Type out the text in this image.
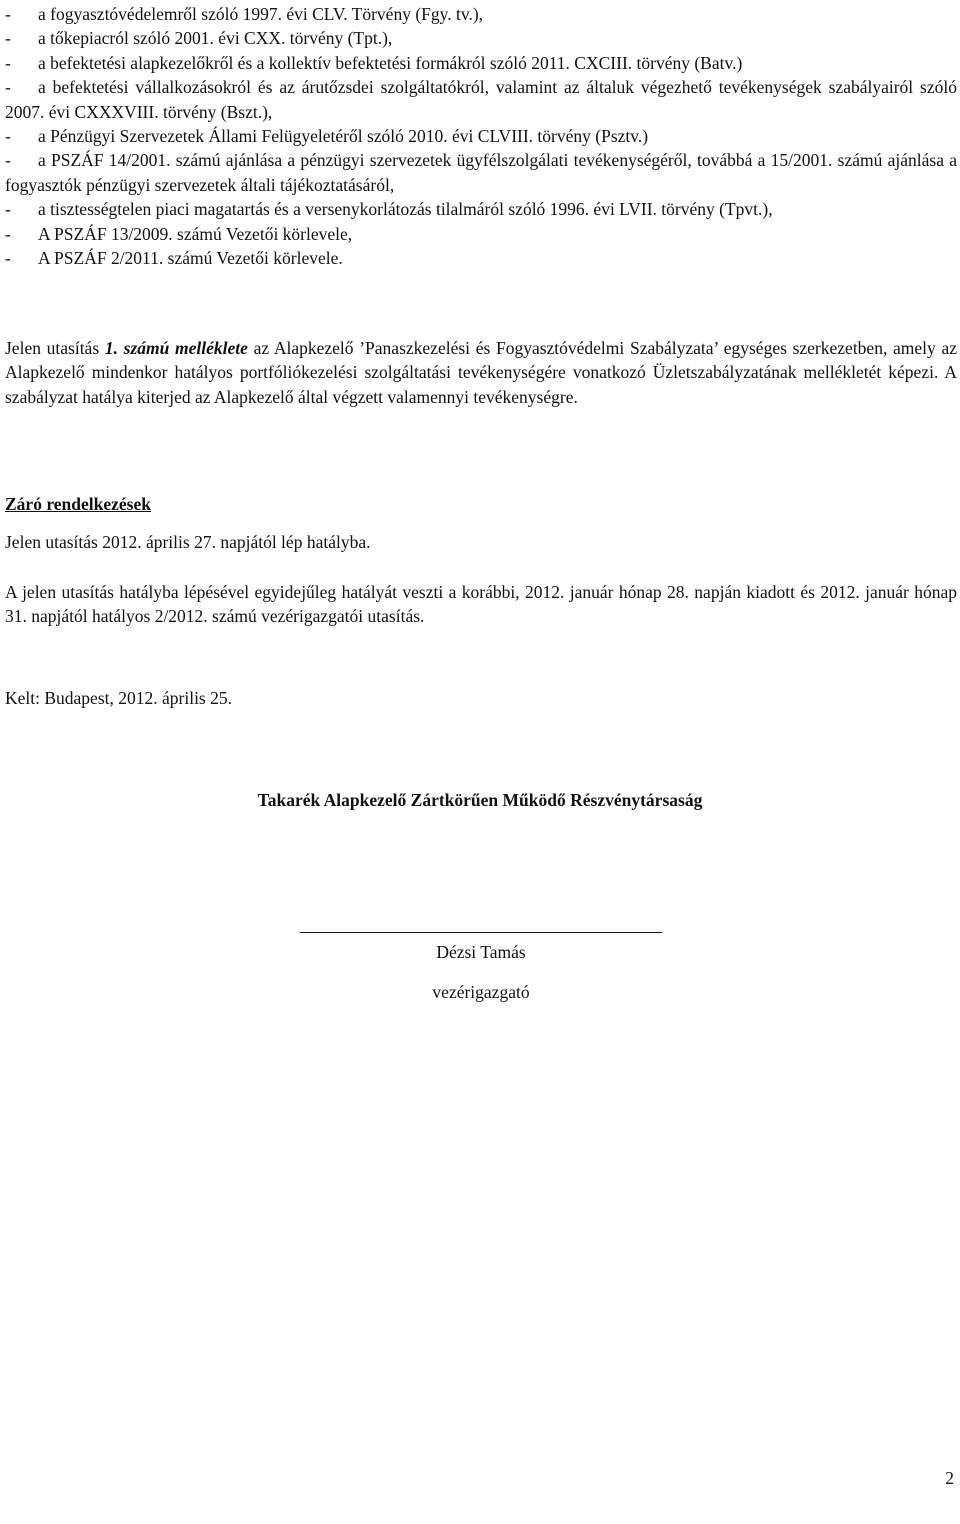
- a fogyasztóvédelemről szóló 1997. évi CLV. Törvény (Fgy. tv.),
- a tőkepiacról szóló 2001. évi CXX. törvény (Tpt.),
- a befektetési alapkezelőkről és a kollektív befektetési formákról szóló 2011. CXCIII. törvény (Batv.)
- a befektetési vállalkozásokról és az árutőzsdei szolgáltatókról, valamint az általuk végezhető tevékenységek szabályairól szóló 2007. évi CXXXVIII. törvény (Bszt.),
- a Pénzügyi Szervezetek Állami Felügyeletéről szóló 2010. évi CLVIII. törvény (Psztv.)
- a PSZÁF 14/2001. számú ajánlása a pénzügyi szervezetek ügyfélszolgálati tevékenységéről, továbbá a 15/2001. számú ajánlása a fogyasztók pénzügyi szervezetek általi tájékoztatásáról,
- a tisztességtelen piaci magatartás és a versenykorlátozás tilalmáról szóló 1996. évi LVII. törvény (Tpvt.),
- A PSZÁF 13/2009. számú Vezetői körlevele,
- A PSZÁF 2/2011. számú Vezetői körlevele.

Jelen utasítás 1. számú melléklete az Alapkezelő ’Panaszkezelési és Fogyasztóvédelmi Szabályzata’ egységes szerkezetben, amely az Alapkezelő mindenkor hatályos portfóliókezelési szolgáltatási tevékenységére vonatkozó Üzletszabályzatának mellékletét képezi. A szabályzat hatálya kiterjed az Alapkezelő által végzett valamennyi tevékenységre.

Záró rendelkezések

Jelen utasítás 2012. április 27. napjától lép hatályba.

A jelen utasítás hatályba lépésével egyidejűleg hatályát veszti a korábbi, 2012. január hónap 28. napján kiadott és 2012. január hónap 31. napjától hatályos 2/2012. számú vezérigazgatói utasítás.

Kelt: Budapest, 2012. április 25.

Takarék Alapkezelő Zártkörűen Működő Részvénytársaság
Dézsi Tamás
vezérigazgató
2
